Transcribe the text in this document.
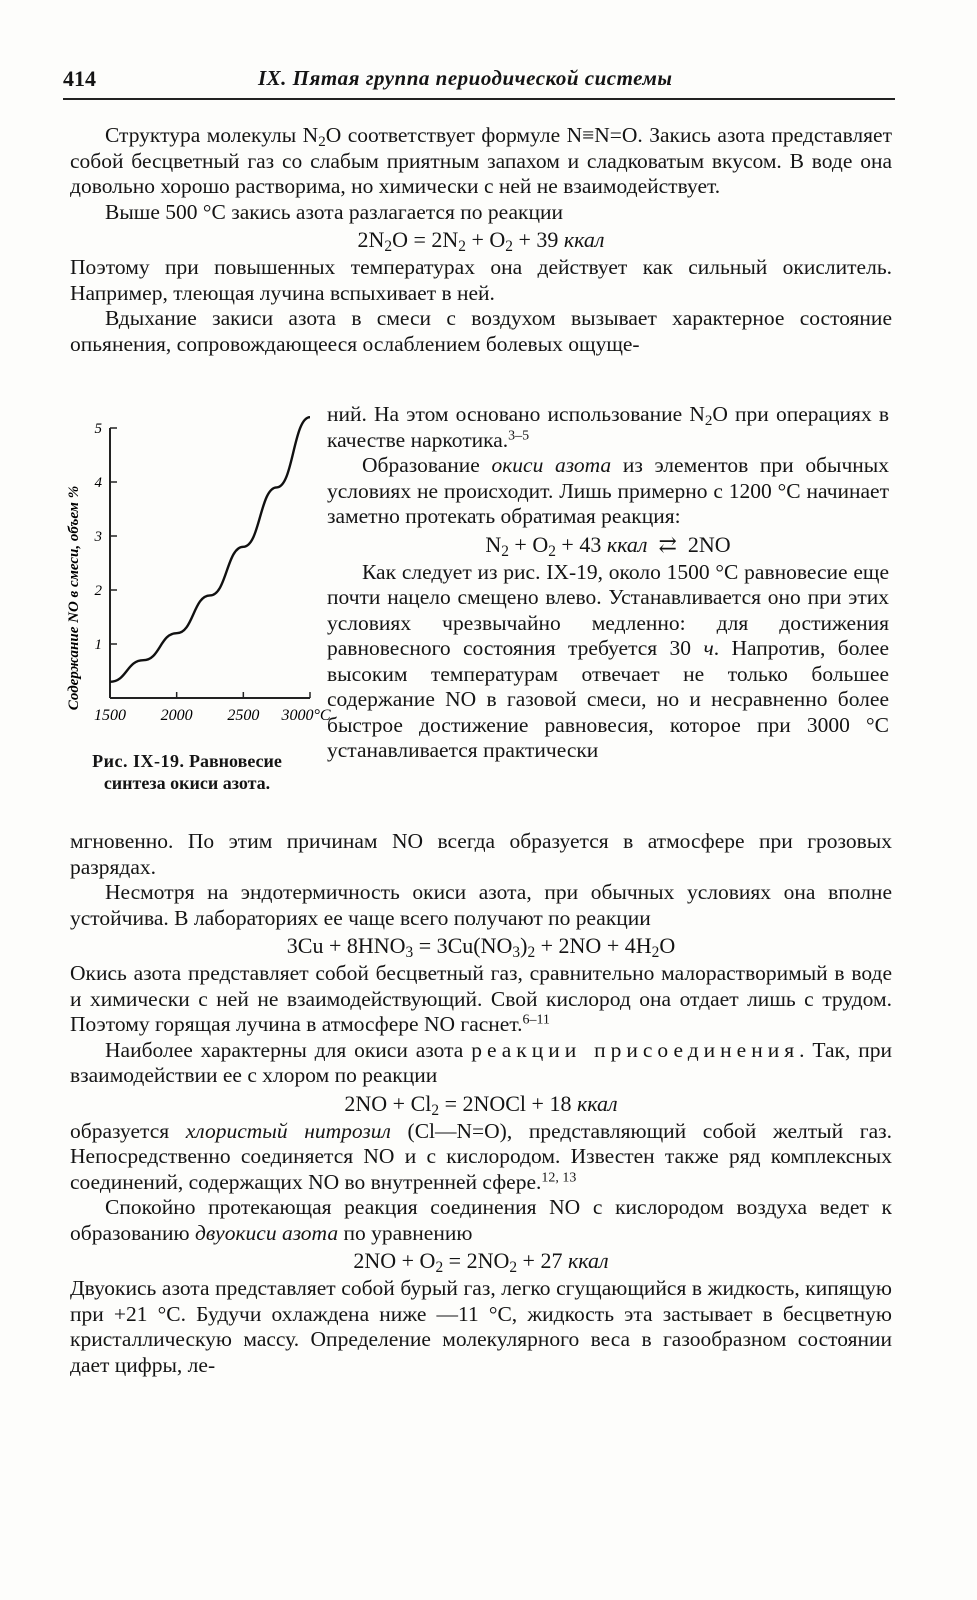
414	IX. Пятая группа периодической системы

Структура молекулы $N_2O$ соответствует формуле N≡N=O. Закись азота представляет собой бесцветный газ со слабым приятным запахом и сладковатым вкусом. В воде она довольно хорошо растворима, но химически с ней не взаимодействует.

Выше 500 °C закись азота разлагается по реакции

$2N_2O = 2N_2 + O_2 + 39$ ккал

Поэтому при повышенных температурах она действует как сильный окислитель. Например, тлеющая лучина вспыхивает в ней.

Вдыхание закиси азота в смеси с воздухом вызывает характерное состояние опьянения, сопровождающееся ослаблением болевых ощуще-

ний. На этом основано использование $N_2O$ при операциях в качестве наркотика.$^{3-5}$

Образование окиси азота из элементов при обычных условиях не происходит. Лишь примерно с 1200 °C начинает заметно протекать обратимая реакция:

$N_2 + O_2 + 43$ ккал  ⇄  2NO

Как следует из рис. IX-19, около 1500 °C равновесие еще почти нацело смещено влево. Устанавливается оно при этих условиях чрезвычайно медленно: для достижения равновесного состояния требуется 30 ч. Напротив, более высоким температурам отвечает не только большее содержание NO в газовой смеси, но и несравненно более быстрое достижение равновесия, которое при 3000 °C устанавливается практически

Содержание NO в смеси, объем % 1
2
3
4
5
1500 2000 2500 3000°C
Рис. IX-19. Равновесие синтеза окиси азота.

мгновенно. По этим причинам NO всегда образуется в атмосфере при грозовых разрядах.

Несмотря на эндотермичность окиси азота, при обычных условиях она вполне устойчива. В лабораториях ее чаще всего получают по реакции

$3Cu + 8HNO_3 = 3Cu(NO_3)_2 + 2NO + 4H_2O$

Окись азота представляет собой бесцветный газ, сравнительно малорастворимый в воде и химически с ней не взаимодействующий. Свой кислород она отдает лишь с трудом. Поэтому горящая лучина в атмосфере NO гаснет.$^{6-11}$

Наиболее характерны для окиси азота реакции присоединения. Так, при взаимодействии ее с хлором по реакции

$2NO + Cl_2$ = 2NOCl + 18 ккал

образуется хлористый нитрозил (Cl—N=O), представляющий собой желтый газ. Непосредственно соединяется NO и с кислородом. Известен также ряд комплексных соединений, содержащих NO во внутренней сфере.$^{12, 13}$

Спокойно протекающая реакция соединения NO с кислородом воздуха ведет к образованию двуокиси азота по уравнению

$2NO + O_2 = 2NO_2 + 27$ ккал

Двуокись азота представляет собой бурый газ, легко сгущающийся в жидкость, кипящую при +21 °C. Будучи охлаждена ниже —11 °C, жидкость эта застывает в бесцветную кристаллическую массу. Определение молекулярного веса в газообразном состоянии дает цифры, ле-
